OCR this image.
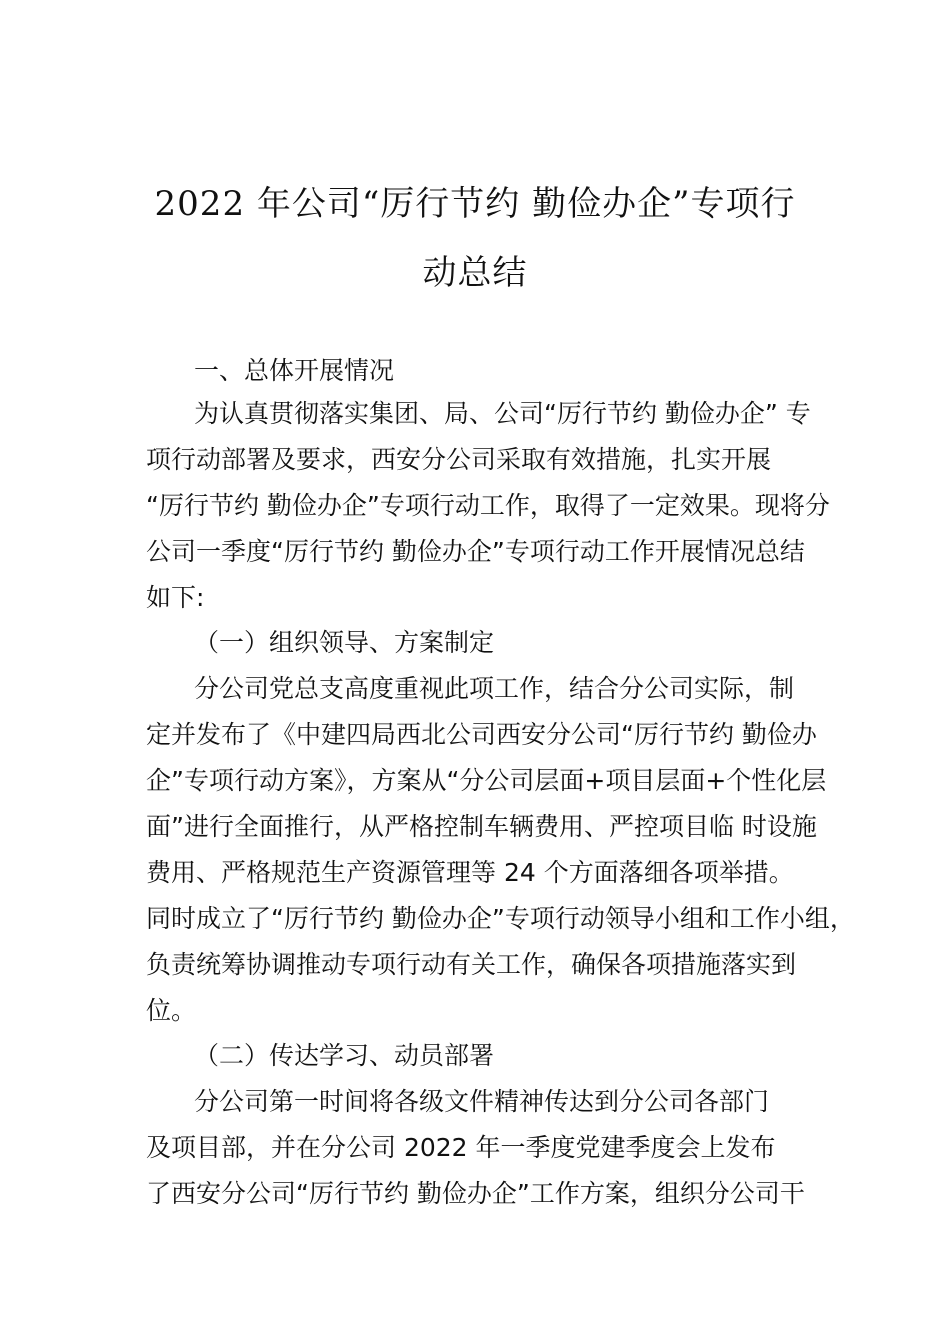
2022 年公司“厉行节约 勤俭办企”专项行
动总结
一、总体开展情况
为认真贯彻落实集团、局、公司“厉行节约 勤俭办企” 专
项行动部署及要求，西安分公司采取有效措施，扎实开展
“厉行节约 勤俭办企”专项行动工作，取得了一定效果。现将分
公司一季度“厉行节约 勤俭办企”专项行动工作开展情况总结
如下:
（一）组织领导、方案制定
分公司党总支高度重视此项工作，结合分公司实际，制
定并发布了《中建四局西北公司西安分公司“厉行节约 勤俭办
企”专项行动方案》，方案从“分公司层面+项目层面+个性化层
面”进行全面推行，从严格控制车辆费用、严控项目临 时设施
费用、严格规范生产资源管理等 24 个方面落细各项举措。
同时成立了“厉行节约 勤俭办企”专项行动领导小组和工作小组，
负责统筹协调推动专项行动有关工作，确保各项措施落实到
位。
（二）传达学习、动员部署
分公司第一时间将各级文件精神传达到分公司各部门
及项目部，并在分公司 2022 年一季度党建季度会上发布
了西安分公司“厉行节约 勤俭办企”工作方案，组织分公司干
